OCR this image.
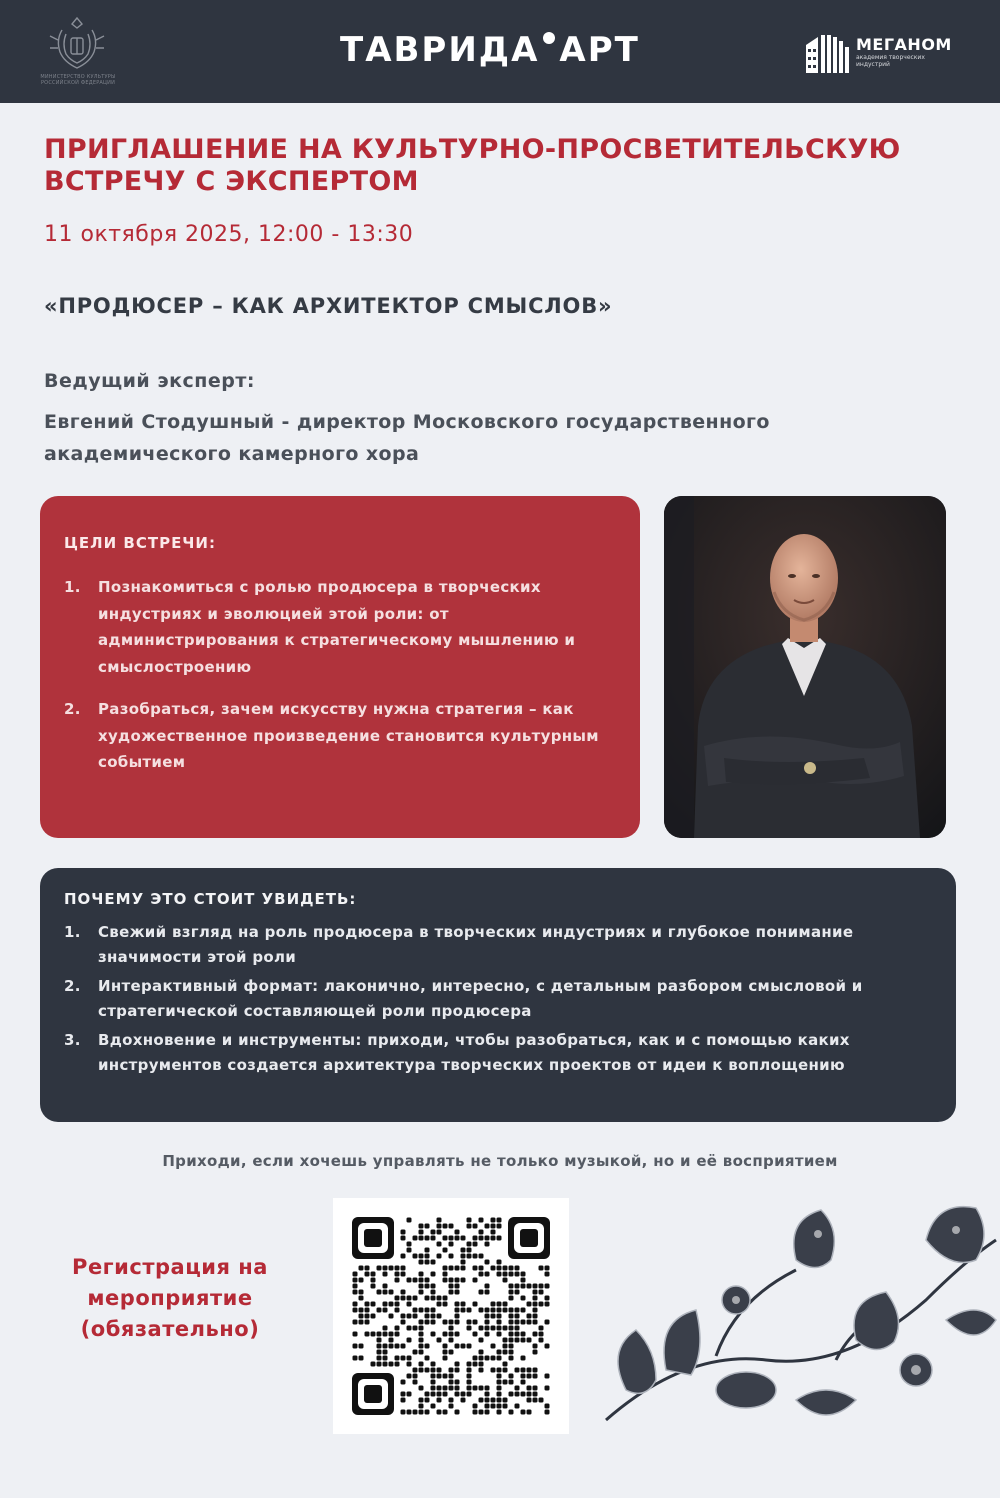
МИНИСТЕРСТВО КУЛЬТУРЫ РОССИЙСКОЙ ФЕДЕРАЦИИ
ТАВРИДА АРТ	МЕГАНОМ
академия творческих индустрий
ПРИГЛАШЕНИЕ НА КУЛЬТУРНО-ПРОСВЕТИТЕЛЬСКУЮ ВСТРЕЧУ С ЭКСПЕРТОМ
11 октября 2025, 12:00 - 13:30
«ПРОДЮСЕР – КАК АРХИТЕКТОР СМЫСЛОВ»
Ведущий эксперт:
Евгений Стодушный - директор Московского государственного академического камерного хора
ЦЕЛИ ВСТРЕЧИ:
1.	Познакомиться с ролью продюсера в творческих индустриях и эволюцией этой роли: от администрирования к стратегическому мышлению и смыслостроению
2.	Разобраться, зачем искусству нужна стратегия – как художественное произведение становится культурным событием
ПОЧЕМУ ЭТО СТОИТ УВИДЕТЬ:
1.	Свежий взгляд на роль продюсера в творческих индустриях и глубокое понимание значимости этой роли
2.	Интерактивный формат: лаконично, интересно, с детальным разбором смысловой и стратегической составляющей роли продюсера
3.	Вдохновение и инструменты: приходи, чтобы разобраться, как и с помощью каких инструментов создается архитектура творческих проектов от идеи к воплощению
Приходи, если хочешь управлять не только музыкой, но и её восприятием
Регистрация на мероприятие (обязательно)
